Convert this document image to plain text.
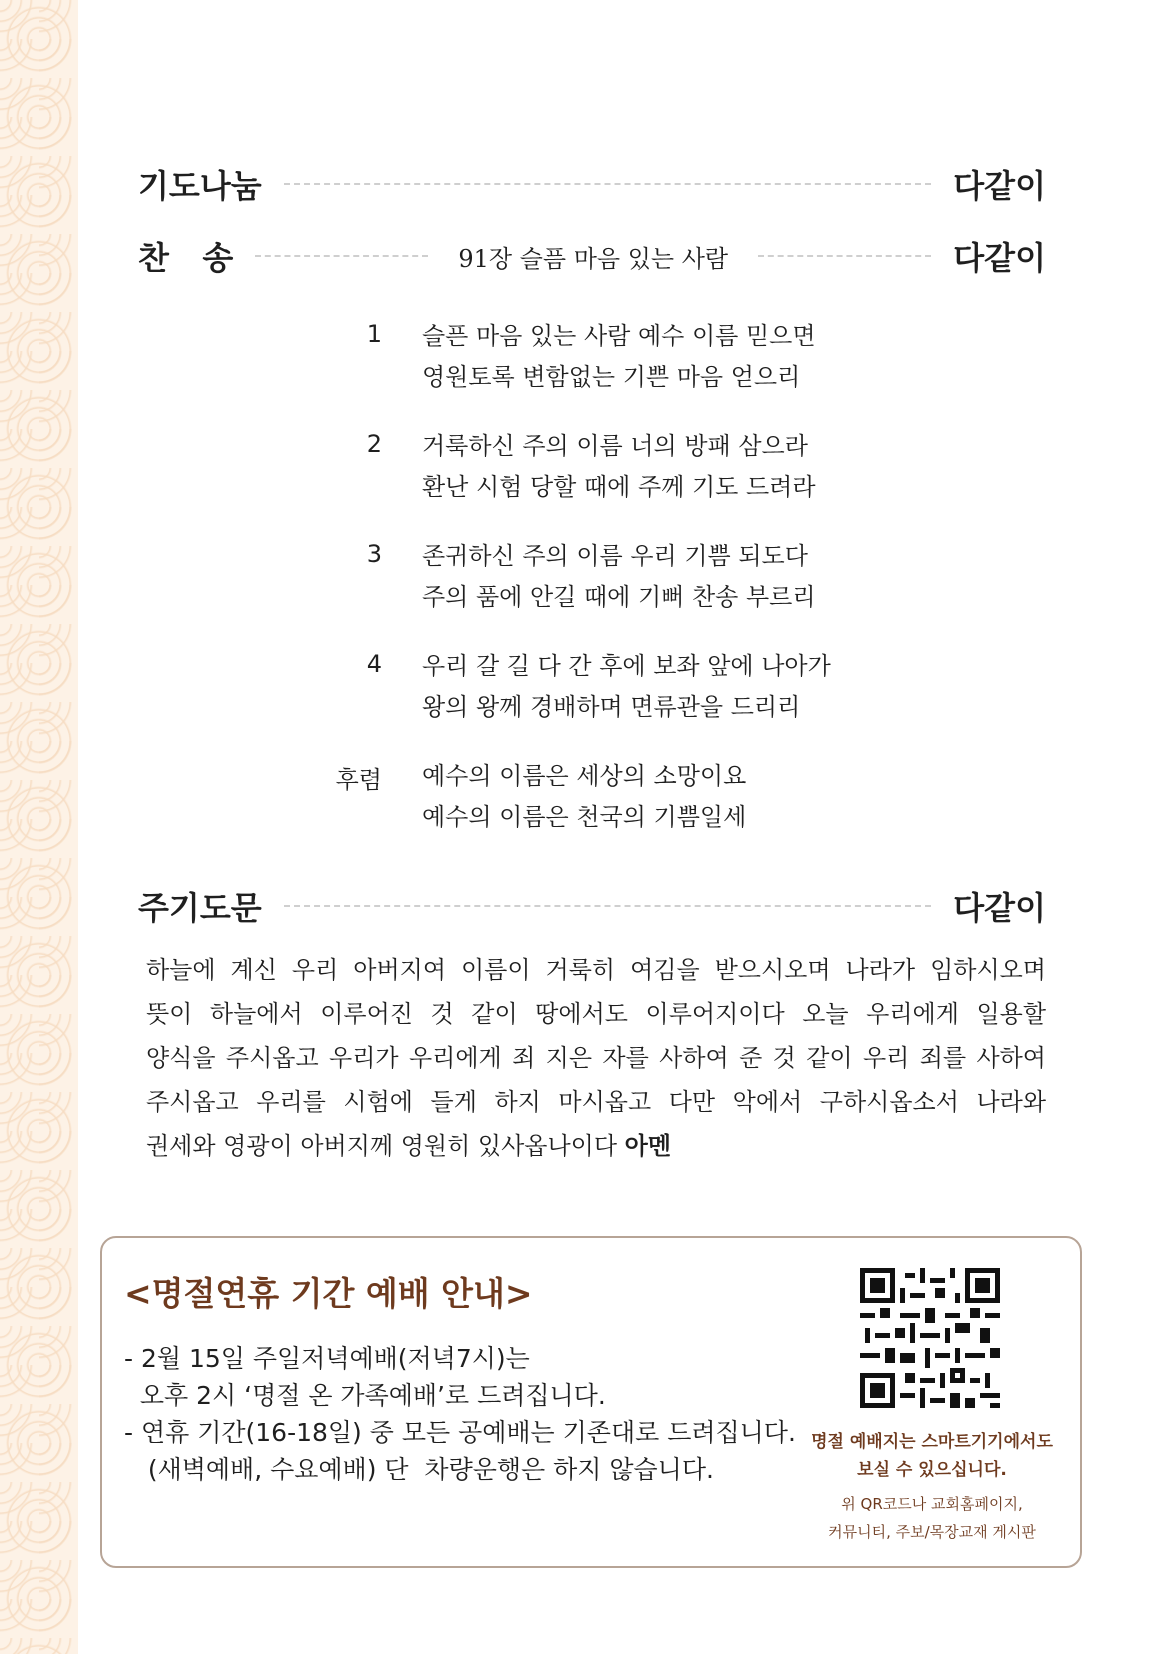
기도나눔	다같이
찬   송	91장 슬픔 마음 있는 사람	다같이
1	슬픈 마음 있는 사람 예수 이름 믿으면
영원토록 변함없는 기쁜 마음 얻으리
2	거룩하신 주의 이름 너의 방패 삼으라
환난 시험 당할 때에 주께 기도 드려라
3	존귀하신 주의 이름 우리 기쁨 되도다
주의 품에 안길 때에 기뻐 찬송 부르리
4	우리 갈 길 다 간 후에 보좌 앞에 나아가
왕의 왕께 경배하며 면류관을 드리리
후렴	예수의 이름은 세상의 소망이요
예수의 이름은 천국의 기쁨일세
주기도문	다같이
하늘에 계신 우리 아버지여 이름이 거룩히 여김을 받으시오며 나라가 임하시오며
뜻이 하늘에서 이루어진 것 같이 땅에서도 이루어지이다 오늘 우리에게 일용할
양식을 주시옵고 우리가 우리에게 죄 지은 자를 사하여 준 것 같이 우리 죄를 사하여
주시옵고 우리를 시험에 들게 하지 마시옵고 다만 악에서 구하시옵소서 나라와
권세와 영광이 아버지께 영원히 있사옵나이다 아멘
<명절연휴 기간 예배 안내>
- 2월 15일 주일저녁예배(저녁7시)는
오후 2시 ‘명절 온 가족예배’로 드려집니다.
- 연휴 기간(16-18일) 중 모든 공예배는 기존대로 드려집니다.
(새벽예배, 수요예배) 단  차량운행은 하지 않습니다.
명절 예배지는 스마트기기에서도
보실 수 있으십니다.
위 QR코드나 교회홈페이지,
커뮤니티, 주보/목장교재 게시판
